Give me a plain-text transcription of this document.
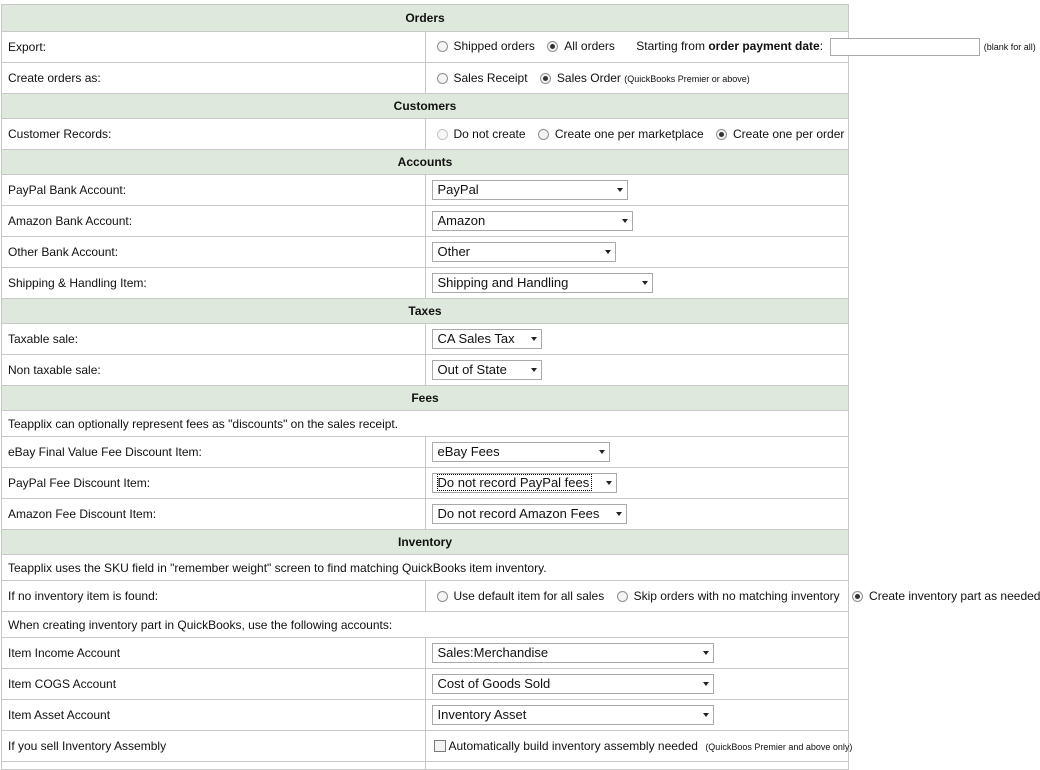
Orders	
Export:	Shipped orders All orders Starting from order payment date: (blank for all)
Create orders as:	Sales Receipt Sales Order (QuickBooks Premier or above)
Customers	
Customer Records:	Do not create Create one per marketplace Create one per order
Accounts	
PayPal Bank Account:	PayPal

Amazon Bank Account:	Amazon

Other Bank Account:	Other

Shipping & Handling Item:	Shipping and Handling

Taxes	
Taxable sale:	CA Sales Tax

Non taxable sale:	Out of State

Fees	
Teapplix can optionally represent fees as "discounts" on the sales receipt.	
eBay Final Value Fee Discount Item:	eBay Fees

PayPal Fee Discount Item:	Do not record PayPal fees

Amazon Fee Discount Item:	Do not record Amazon Fees

Inventory	
Teapplix uses the SKU field in "remember weight" screen to find matching QuickBooks item inventory.	
If no inventory item is found:	Use default item for all sales Skip orders with no matching inventory Create inventory part as needed
When creating inventory part in QuickBooks, use the following accounts:	
Item Income Account	Sales:Merchandise

Item COGS Account	Cost of Goods Sold

Item Asset Account	Inventory Asset

If you sell Inventory Assembly	Automatically build inventory assembly needed (QuickBoos Premier and above only)
